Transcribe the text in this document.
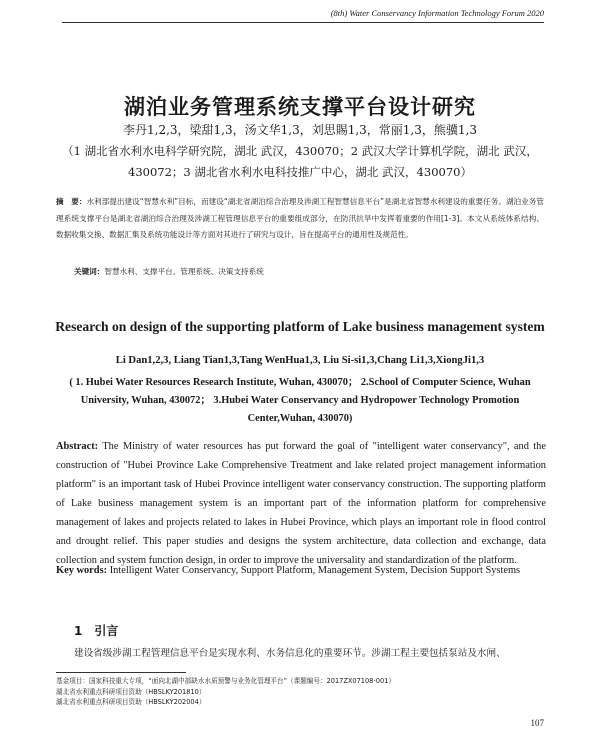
(8th) Water Conservancy Information Technology Forum 2020
湖泊业务管理系统支撑平台设计研究
李丹1,2,3，梁甜1,3，汤文华1,3，刘思賜1,3，常丽1,3，熊骥1,3
（1 湖北省水利水电科学研究院，湖北 武汉，430070；2 武汉大学计算机学院，湖北 武汉，
430072；3 湖北省水利水电科技推广中心，湖北 武汉，430070）
摘　要：水利部提出建设“智慧水利”目标，而建设“湖北省湖泊综合治理及涉湖工程智慧信息平台”是湖北省智慧水利建设的重要任务。湖泊业务管理系统支撑平台是湖北省湖泊综合治理及涉湖工程管理信息平台的重要组成部分，在防汛抗旱中发挥着重要的作用[1-3]。本文从系统体系结构、数据收集交换、数据汇集及系统功能设计等方面对其进行了研究与设计，旨在提高平台的通用性及规范性。
关键词：智慧水利、支撑平台、管理系统、决策支持系统
Research on design of the supporting platform of Lake business management system
Li Dan1,2,3, Liang Tian1,3,Tang WenHua1,3, Liu Si-si1,3,Chang Li1,3,XiongJi1,3
( 1. Hubei Water Resources Research Institute, Wuhan, 430070； 2.School of Computer Science, Wuhan University, Wuhan, 430072； 3.Hubei Water Conservancy and Hydropower Technology Promotion Center,Wuhan, 430070)
Abstract: The Ministry of water resources has put forward the goal of "intelligent water conservancy", and the construction of "Hubei Province Lake Comprehensive Treatment and lake related project management information platform" is an important task of Hubei Province intelligent water conservancy construction. The supporting platform of Lake business management system is an important part of the information platform for comprehensive management of lakes and projects related to lakes in Hubei Province, which plays an important role in flood control and drought relief. This paper studies and designs the system architecture, data collection and exchange, data collection and system function design, in order to improve the universality and standardization of the platform.
Key words: Intelligent Water Conservancy, Support Platform, Management System, Decision Support Systems
1 引言
建设省级涉湖工程管理信息平台是实现水利、水务信息化的重要环节。涉湖工程主要包括泵站及水闸、
基金项目：国家科技重大专项，“面向北湖中部缺水水质预警与业务化管理平台”（课题编号：2017ZX07108-001）
湖北省水利重点科研项目资助（HBSLKY201810）
湖北省水利重点科研项目资助（HBSLKY202004）
107
